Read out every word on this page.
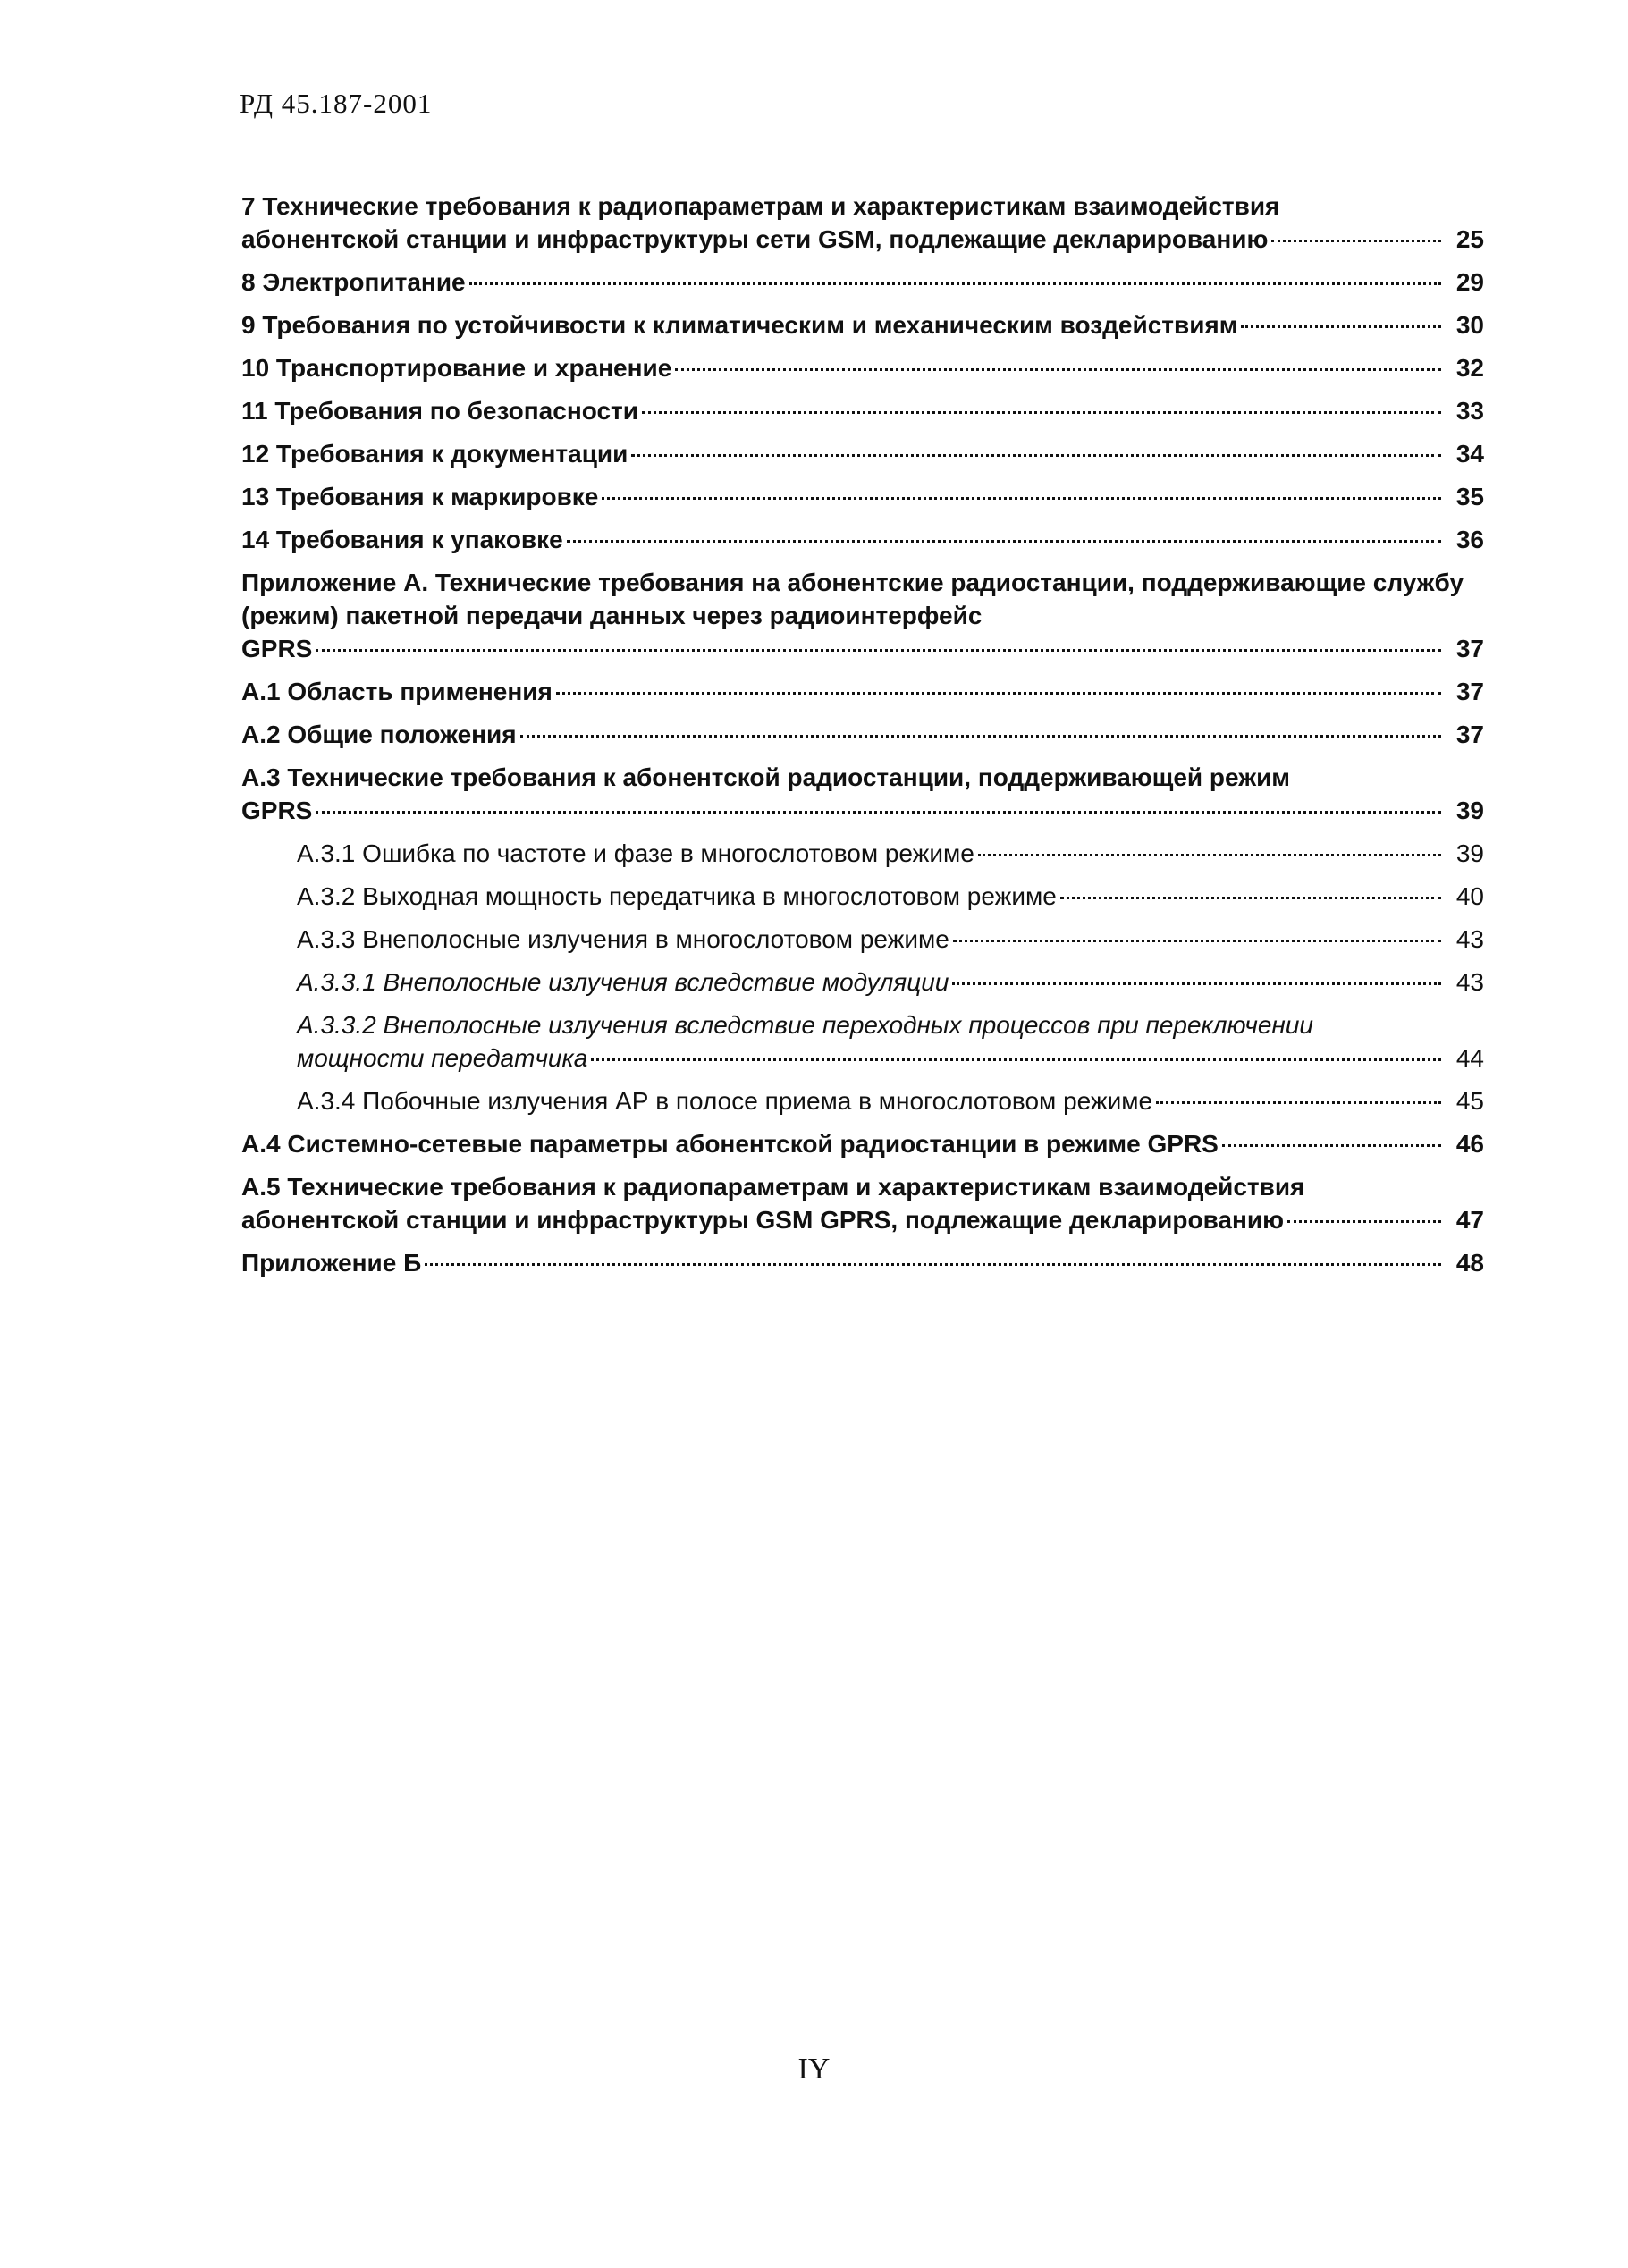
РД 45.187-2001
7 Технические требования к радиопараметрам и характеристикам взаимодействия
абонентской станции и инфраструктуры сети GSM, подлежащие декларированию	25
8 Электропитание	29
9 Требования по устойчивости к климатическим и механическим воздействиям	30
10 Транспортирование и хранение	32
11 Требования по безопасности	33
12 Требования к документации	34
13 Требования к маркировке	35
14 Требования к упаковке	36
Приложение А. Технические требования на абонентские радиостанции, поддерживающие службу (режим) пакетной передачи данных через радиоинтерфейс
GPRS	37
А.1 Область применения	37
А.2 Общие положения	37
А.3 Технические требования к абонентской радиостанции, поддерживающей режим
GPRS	39
А.3.1 Ошибка по частоте и фазе в многослотовом режиме	39
А.3.2 Выходная мощность передатчика в многослотовом режиме	40
А.3.3 Внеполосные излучения в многослотовом режиме	43
А.3.3.1 Внеполосные излучения вследствие модуляции	43
А.3.3.2 Внеполосные излучения вследствие переходных процессов при переключении
мощности передатчика	44
А.3.4 Побочные излучения АР в полосе приема в многослотовом режиме	45
А.4 Системно-сетевые параметры абонентской радиостанции в режиме GPRS	46
А.5 Технические требования к радиопараметрам и характеристикам взаимодействия
абонентской станции и инфраструктуры GSM GPRS, подлежащие декларированию	47
Приложение Б	48
IY
